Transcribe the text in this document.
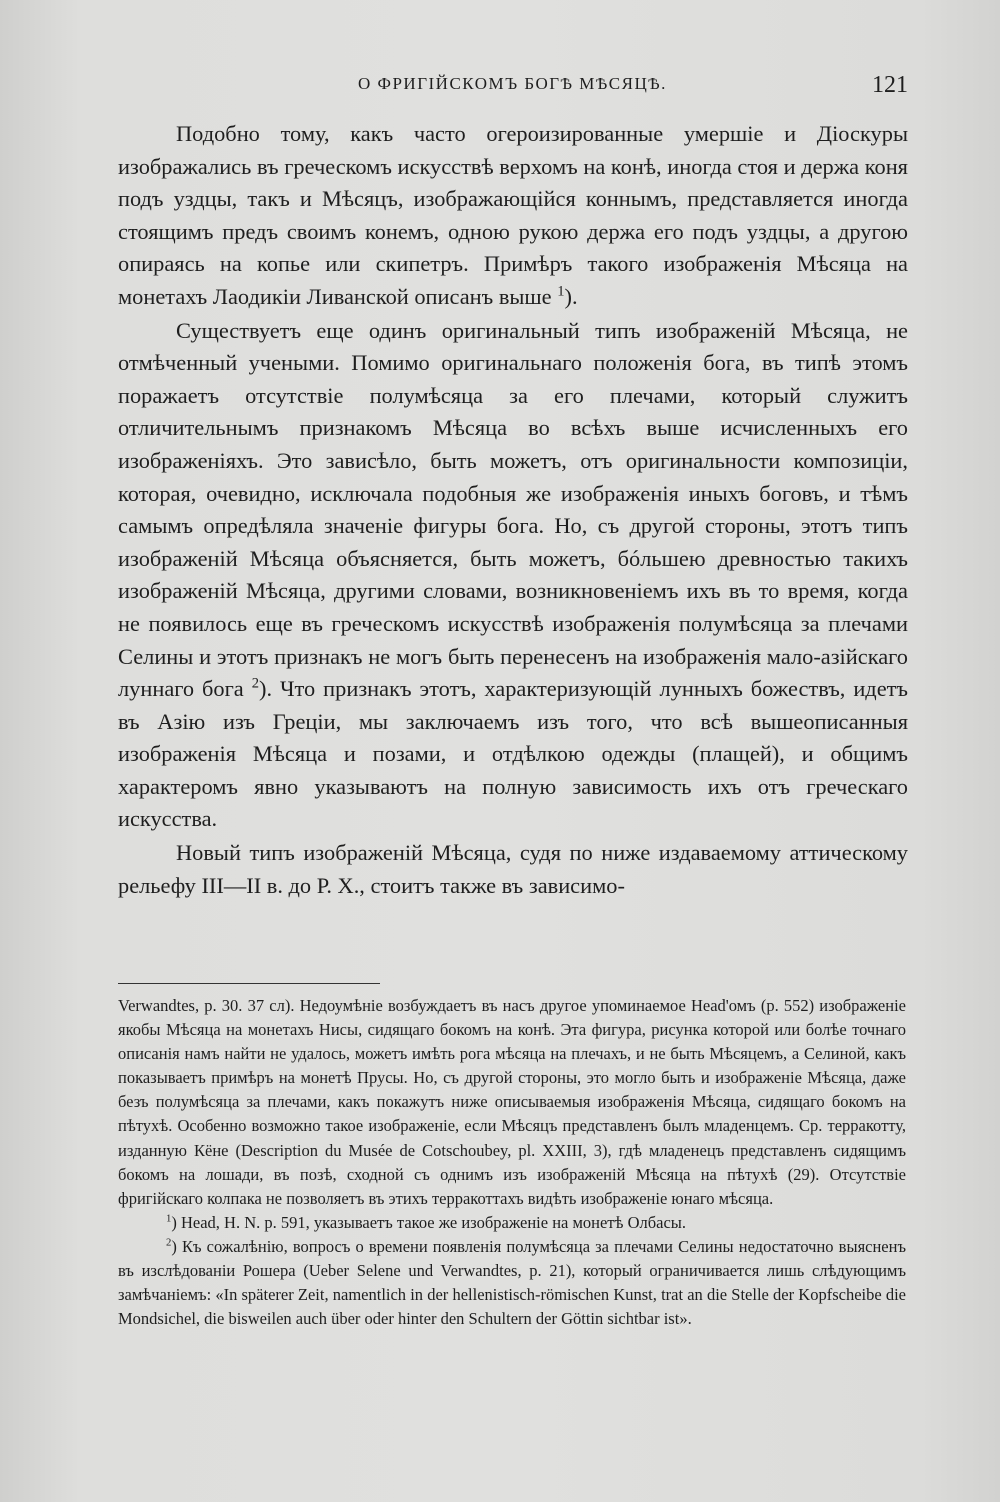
О ФРИГІЙСКОМЪ БОГѢ МѢСЯЦѢ.	121

Подобно тому, какъ часто огероизированные умершіе и Діоскуры изображались въ греческомъ искусствѣ верхомъ на конѣ, иногда стоя и держа коня подъ уздцы, такъ и Мѣсяцъ, изображающійся коннымъ, представляется иногда стоящимъ предъ своимъ конемъ, одною рукою держа его подъ уздцы, а другою опираясь на копье или скипетръ. Примѣръ такого изображенія Мѣсяца на монетахъ Лаодикіи Ливанской описанъ выше $^1$).

Существуетъ еще одинъ оригинальный типъ изображеній Мѣсяца, не отмѣченный учеными. Помимо оригинальнаго положенія бога, въ типѣ этомъ поражаетъ отсутствіе полумѣсяца за его плечами, который служитъ отличительнымъ признакомъ Мѣсяца во всѣхъ выше исчисленныхъ его изображеніяхъ. Это зависѣло, быть можетъ, отъ оригинальности композиціи, которая, очевидно, исключала подобныя же изображенія иныхъ боговъ, и тѣмъ самымъ опредѣляла значеніе фигуры бога. Но, съ другой стороны, этотъ типъ изображеній Мѣсяца объясняется, быть можетъ, бóльшею древностью такихъ изображеній Мѣсяца, другими словами, возникновеніемъ ихъ въ то время, когда не появилось еще въ греческомъ искусствѣ изображенія полумѣсяца за плечами Селины и этотъ признакъ не могъ быть перенесенъ на изображенія мало-азійскаго луннаго бога $^2$). Что признакъ этотъ, характеризующій лунныхъ божествъ, идетъ въ Азію изъ Греціи, мы заключаемъ изъ того, что всѣ вышеописанныя изображенія Мѣсяца и позами, и отдѣлкою одежды (плащей), и общимъ характеромъ явно указываютъ на полную зависимость ихъ отъ греческаго искусства.

Новый типъ изображеній Мѣсяца, судя по ниже издаваемому аттическому рельефу III—II в. до Р. Х., стоитъ также въ зависимо-

Verwandtes, p. 30. 37 сл). Недоумѣніе возбуждаетъ въ насъ другое упоминаемое Head'омъ (p. 552) изображеніе якобы Мѣсяца на монетахъ Нисы, сидящаго бокомъ на конѣ. Эта фигура, рисунка которой или болѣе точнаго описанія намъ найти не удалось, можетъ имѣть рога мѣсяца на плечахъ, и не быть Мѣсяцемъ, а Селиной, какъ показываетъ примѣръ на монетѣ Прусы. Но, съ другой стороны, это могло быть и изображеніе Мѣсяца, даже безъ полумѣсяца за плечами, какъ покажутъ ниже описываемыя изображенія Мѣсяца, сидящаго бокомъ на пѣтухѣ. Особенно возможно такое изображеніе, если Мѣсяцъ представленъ былъ младенцемъ. Ср. терракотту, изданную Кёне (Description du Musée de Cotschoubey, pl. XXIII, 3), гдѣ младенецъ представленъ сидящимъ бокомъ на лошади, въ позѣ, сходной съ однимъ изъ изображеній Мѣсяца на пѣтухѣ (29). Отсутствіе фригійскаго колпака не позволяетъ въ этихъ терракоттахъ видѣть изображеніе юнаго мѣсяца.

$^1$) Head, H. N. p. 591, указываетъ такое же изображеніе на монетѣ Олбасы.

$^2$) Къ сожалѣнію, вопросъ о времени появленія полумѣсяца за плечами Селины недостаточно выясненъ въ изслѣдованіи Рошера (Ueber Selene und Verwandtes, p. 21), который ограничивается лишь слѣдующимъ замѣчаніемъ: «In späterer Zeit, namentlich in der hellenistisch-römischen Kunst, trat an die Stelle der Kopfscheibe die Mondsichel, die bisweilen auch über oder hinter den Schultern der Göttin sichtbar ist».
